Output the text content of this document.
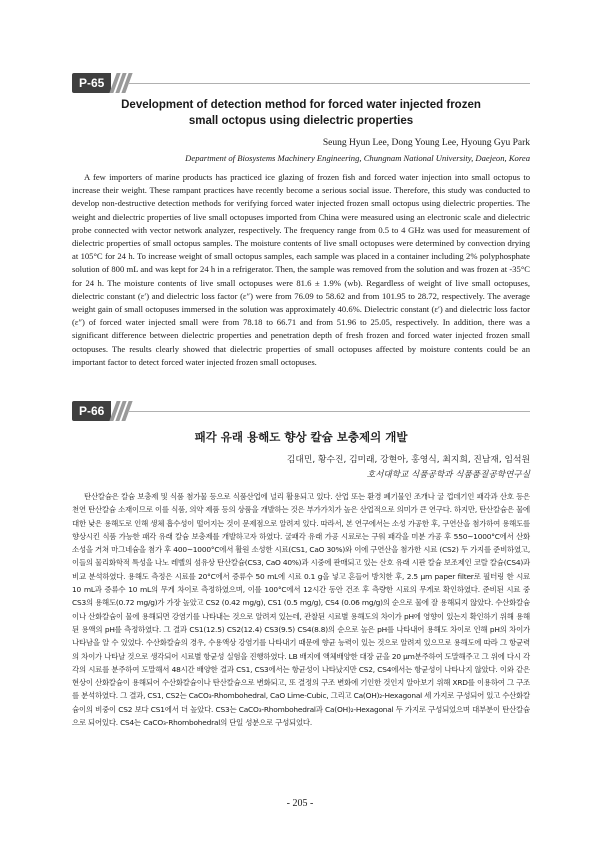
P-65
Development of detection method for forced water injected frozen
small octopus using dielectric properties
Seung Hyun Lee, Dong Young Lee, Hyoung Gyu Park
Department of Biosystems Machinery Engineering, Chungnam National University, Daejeon, Korea

A few importers of marine products has practiced ice glazing of frozen fish and forced water injection into small octopus to increase their weight. These rampant practices have recently become a serious social issue. Therefore, this study was conducted to develop non-destructive detection methods for verifying forced water injected frozen small octopus using dielectric properties. The weight and dielectric properties of live small octopuses imported from China were measured using an electronic scale and dielectric probe connected with vector network analyzer, respectively. The frequency range from 0.5 to 4 GHz was used for measurement of dielectric properties of small octopus samples. The moisture contents of live small octopuses were determined by convection drying at 105°C for 24 h. To increase weight of small octopus samples, each sample was placed in a container including 2% polyphosphate solution of 800 mL and was kept for 24 h in a refrigerator. Then, the sample was removed from the solution and was frozen at -35°C for 24 h. The moisture contents of live small octopuses were 81.6 ± 1.9% (wb). Regardless of weight of live small octopuses, dielectric constant (ε′) and dielectric loss factor (ε″) were from 76.09 to 58.62 and from 101.95 to 28.72, respectively. The average weight gain of small octopuses immersed in the solution was approximately 40.6%. Dielectric constant (ε′) and dielectric loss factor (ε″) of forced water injected small were from 78.18 to 66.71 and from 51.96 to 25.05, respectively. In addition, there was a significant difference between dielectric properties and penetration depth of fresh frozen and forced water injected frozen small octopuses. The results clearly showed that dielectric properties of small octopuses affected by moisture contents could be an important factor to detect forced water injected frozen small octopuses.

P-66
패각 유래 용해도 향상 칼슘 보충제의 개발
김대민, 황수진, 김미래, 강현아, 홍영식, 최지희, 진남재, 임석원
호서대학교 식품공학과 식품품질공학연구실

탄산칼슘은 칼슘 보충제 및 식품 첨가물 등으로 식품산업에 널리 활용되고 있다. 산업 또는 환경 폐기물인 조개나 굴 껍데기인 패각과 산호 등은 천연 탄산칼슘 소재이므로 이를 식품, 의약 제품 등의 상품을 개발하는 것은 부가가치가 높은 산업적으로 의미가 큰 연구다. 하지만, 탄산칼슘은 물에 대한 낮은 용해도로 인해 생체 흡수성이 떨어지는 것이 문제점으로 알려져 있다. 따라서, 본 연구에서는 소성 가공한 후, 구연산을 첨가하여 용해도를 향상시킨 식품 가능한 패각 유래 칼슘 보충제를 개발하고자 하였다. 굴패각 유래 가공 시료로는 구워 패각을 미분 가공 후 550~1000°C에서 산화 소성을 거쳐 마그네슘을 첨가 후 400~1000°C에서 활원 소성한 시료(CS1, CaO 30%)와 이에 구연산을 첨가한 시료 (CS2) 두 가지를 준비하였고, 이들의 물리화학적 특성을 나노 레벨의 섬유상 탄산칼슘(CS3, CaO 40%)과 시중에 판매되고 있는 산호 유래 시판 칼슘 보조제인 코랄 칼슘(CS4)과 비교 분석하였다. 용해도 측정은 시료를 20°C에서 증류수 50 mL에 시료 0.1 g을 넣고 흔들어 방치한 후, 2.5 μm paper filter로 필터링 한 시료 10 mL과 증류수 10 mL의 무게 차이로 측정하였으며, 이를 100°C에서 12시간 동안 건조 후 측량한 시료의 무게로 확인하였다. 준비된 시료 중 CS3의 용해도(0.72 mg/g)가 가장 높았고 CS2 (0.42 mg/g), CS1 (0.5 mg/g), CS4 (0.06 mg/g)의 순으로 물에 잘 용해되지 않았다. 수산화칼슘이나 산화칼슘이 물에 용해되면 강염기를 나타내는 것으로 알려져 있는데, 관찰된 시료별 용해도의 차이가 pH에 영향이 있는지 확인하기 위해 용해된 용액의 pH를 측정하였다. 그 결과 CS1(12.5) CS2(12.4) CS3(9.5) CS4(8.8)의 순으로 높은 pH를 나타내어 용해도 차이로 인해 pH의 차이가 나타남을 알 수 있었다. 수산화칼슘의 경우, 수용액상 강염기를 나타내기 때문에 향균 능력이 있는 것으로 알려져 있으므로 용해도에 따라 그 항균력의 차이가 나타날 것으로 생각되어 시료별 항균성 실험을 진행하였다. LB 배지에 액체배양한 대장 균을 20 μm분주하여 도말해주고 그 위에 다시 각각의 시료를 분주하여 도말해서 48시간 배양한 결과 CS1, CS3에서는 항균성이 나타났지만 CS2, CS4에서는 항균성이 나타나지 않았다. 이와 같은 현상이 산화칼슘이 용해되어 수산화칼슘이나 탄산칼슘으로 변화되고, 또 결정의 구조 변화에 기인한 것인지 알아보기 위해 XRD를 이용하여 그 구조를 분석하였다. 그 결과, CS1, CS2는 CaCO₃-Rhombohedral, CaO Lime-Cubic, 그리고 Ca(OH)₂-Hexagonal 세 가지로 구성되어 있고 수산화칼슘이의 비중이 CS2 보다 CS1에서 더 높았다. CS3는 CaCO₃-Rhombohedral과 Ca(OH)₂-Hexagonal 두 가지로 구성되었으며 대부분이 탄산칼슘으로 되어있다. CS4는 CaCO₃-Rhombohedral의 단일 성분으로 구성되었다.

- 205 -
